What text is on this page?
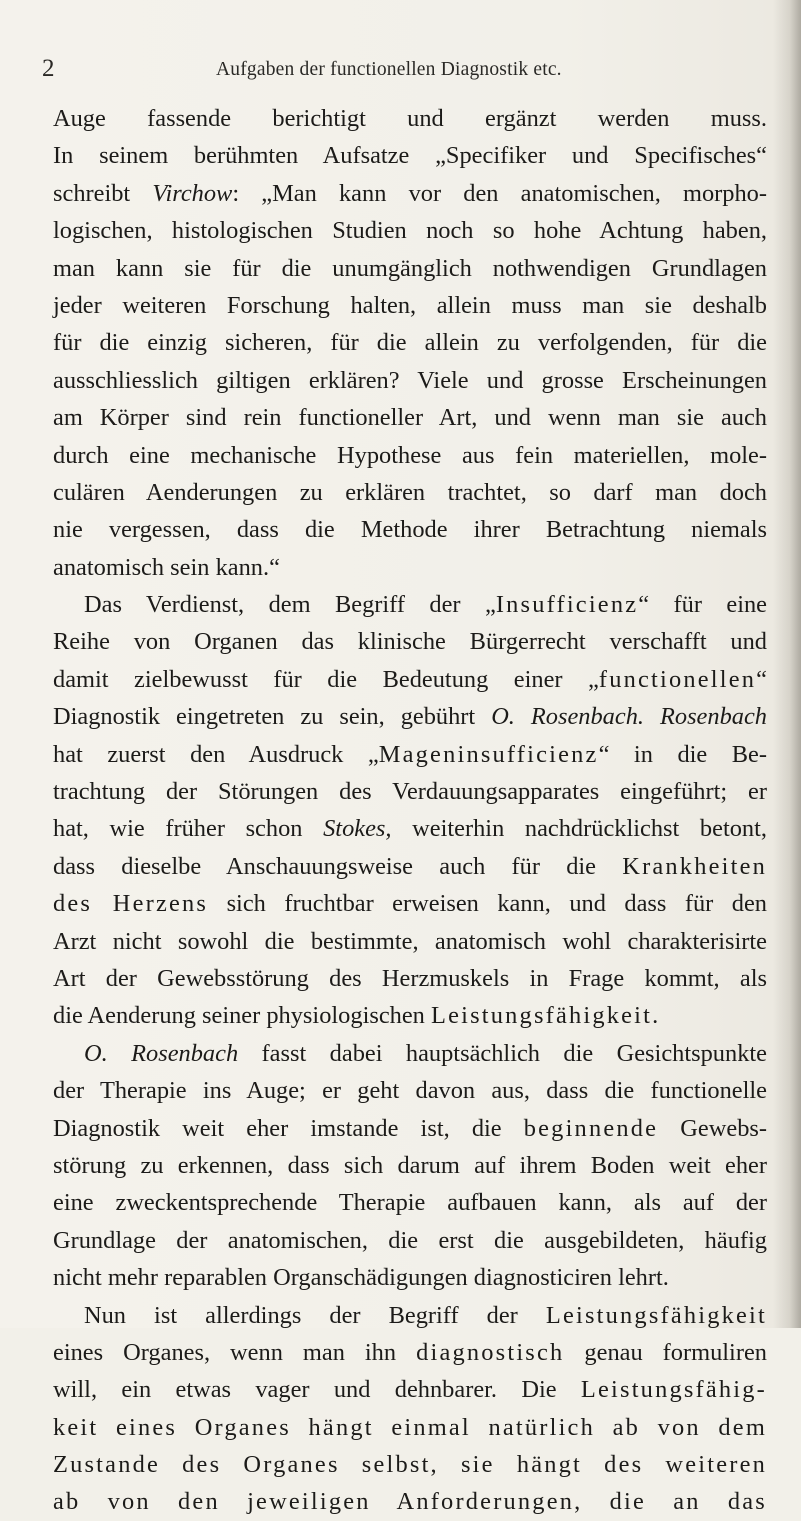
2	Aufgaben der functionellen Diagnostik etc.
Auge fassende berichtigt und ergänzt werden muss.
In seinem berühmten Aufsatze „Specifiker und Specifisches“
schreibt Virchow: „Man kann vor den anatomischen, morpho-
logischen, histologischen Studien noch so hohe Achtung haben,
man kann sie für die unumgänglich nothwendigen Grundlagen
jeder weiteren Forschung halten, allein muss man sie deshalb
für die einzig sicheren, für die allein zu verfolgenden, für die
ausschliesslich giltigen erklären? Viele und grosse Erscheinungen
am Körper sind rein functioneller Art, und wenn man sie auch
durch eine mechanische Hypothese aus fein materiellen, mole-
culären Aenderungen zu erklären trachtet, so darf man doch
nie vergessen, dass die Methode ihrer Betrachtung niemals
anatomisch sein kann.“
Das Verdienst, dem Begriff der „Insufficienz“ für eine
Reihe von Organen das klinische Bürgerrecht verschafft und
damit zielbewusst für die Bedeutung einer „functionellen“
Diagnostik eingetreten zu sein, gebührt O. Rosenbach. Rosenbach
hat zuerst den Ausdruck „Mageninsufficienz“ in die Be-
trachtung der Störungen des Verdauungsapparates eingeführt; er
hat, wie früher schon Stokes, weiterhin nachdrücklichst betont,
dass dieselbe Anschauungsweise auch für die Krankheiten
des Herzens sich fruchtbar erweisen kann, und dass für den
Arzt nicht sowohl die bestimmte, anatomisch wohl charakterisirte
Art der Gewebsstörung des Herzmuskels in Frage kommt, als
die Aenderung seiner physiologischen Leistungsfähigkeit.
O. Rosenbach fasst dabei hauptsächlich die Gesichtspunkte
der Therapie ins Auge; er geht davon aus, dass die functionelle
Diagnostik weit eher imstande ist, die beginnende Gewebs-
störung zu erkennen, dass sich darum auf ihrem Boden weit eher
eine zweckentsprechende Therapie aufbauen kann, als auf der
Grundlage der anatomischen, die erst die ausgebildeten, häufig
nicht mehr reparablen Organschädigungen diagnosticiren lehrt.
Nun ist allerdings der Begriff der Leistungsfähigkeit
eines Organes, wenn man ihn diagnostisch genau formuliren
will, ein etwas vager und dehnbarer. Die Leistungsfähig-
keit eines Organes hängt einmal natürlich ab von dem
Zustande des Organes selbst, sie hängt des weiteren
ab von den jeweiligen Anforderungen, die an das
